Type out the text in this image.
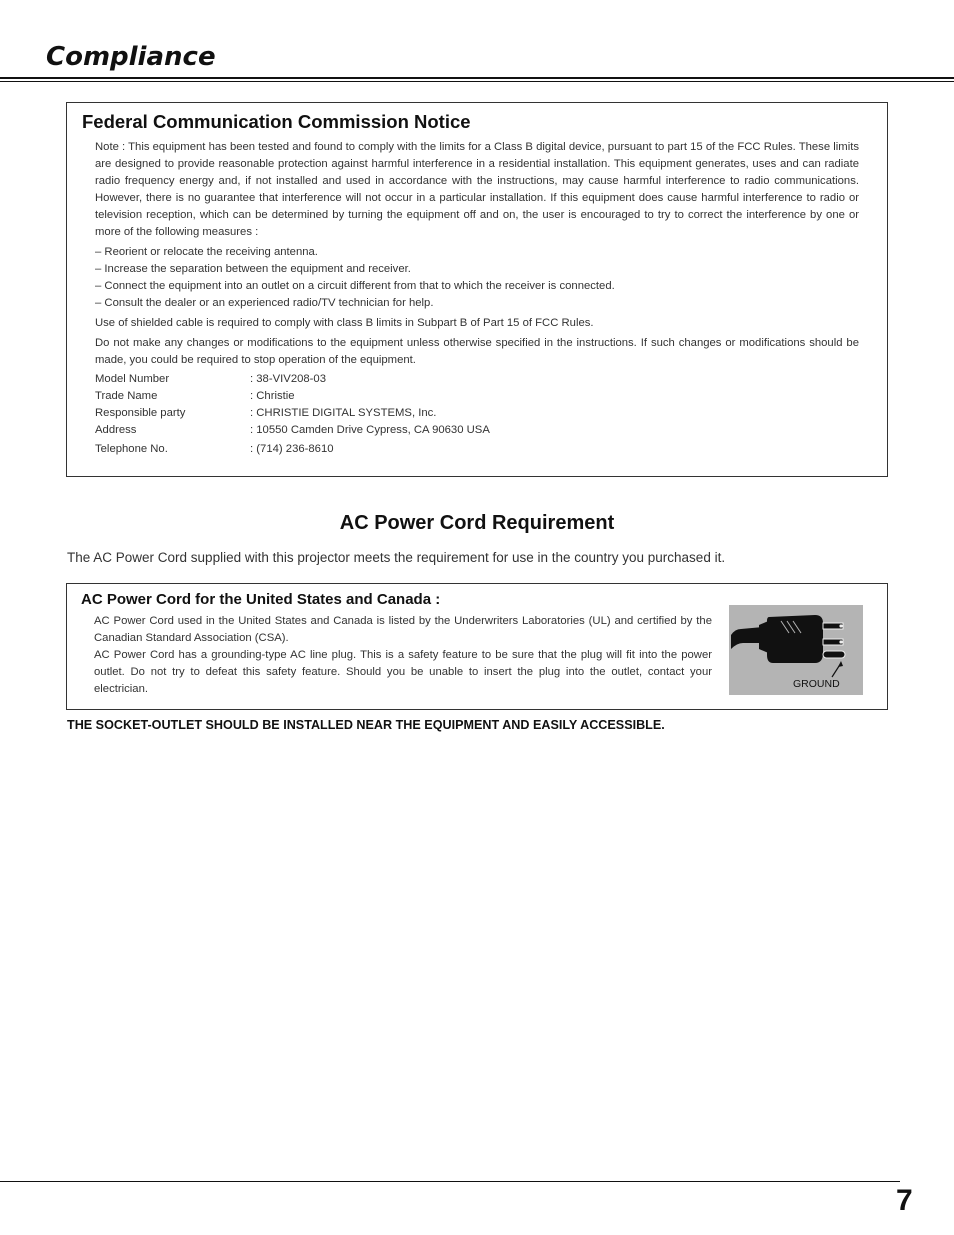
Compliance
Federal Communication Commission Notice

Note : This equipment has been tested and found to comply with the limits for a Class B digital device, pursuant to part 15 of the FCC Rules. These limits are designed to provide reasonable protection against harmful interference in a residential installation. This equipment generates, uses and can radiate radio frequency energy and, if not installed and used in accordance with the instructions, may cause harmful interference to radio communications. However, there is no guarantee that interference will not occur in a particular installation. If this equipment does cause harmful interference to radio or television reception, which can be determined by turning the equipment off and on, the user is encouraged to try to correct the interference by one or more of the following measures :

– Reorient or relocate the receiving antenna.
– Increase the separation between the equipment and receiver.
– Connect the equipment into an outlet on a circuit different from that to which the receiver is connected.
– Consult the dealer or an experienced radio/TV technician for help.

Use of shielded cable is required to comply with class B limits in Subpart B of Part 15 of FCC Rules.

Do not make any changes or modifications to the equipment unless otherwise specified in the instructions. If such changes or modifications should be made, you could be required to stop operation of the equipment.

Model Number	: 38-VIV208-03
Trade Name	: Christie
Responsible party	: CHRISTIE DIGITAL SYSTEMS, Inc.
Address	: 10550 Camden Drive Cypress, CA 90630 USA
Telephone No.	: (714) 236-8610
AC Power Cord Requirement
The AC Power Cord supplied with this projector meets the requirement for use in the country you purchased it.
AC Power Cord for the United States and Canada :

AC Power Cord used in the United States and Canada is listed by the Underwriters Laboratories (UL) and certified by the Canadian Standard Association (CSA).

AC Power Cord has a grounding-type AC line plug. This is a safety feature to be sure that the plug will fit into the power outlet. Do not try to defeat this safety feature. Should you be unable to insert the plug into the outlet, contact your electrician.	GROUND
THE SOCKET-OUTLET SHOULD BE INSTALLED NEAR THE EQUIPMENT AND EASILY ACCESSIBLE.
7
